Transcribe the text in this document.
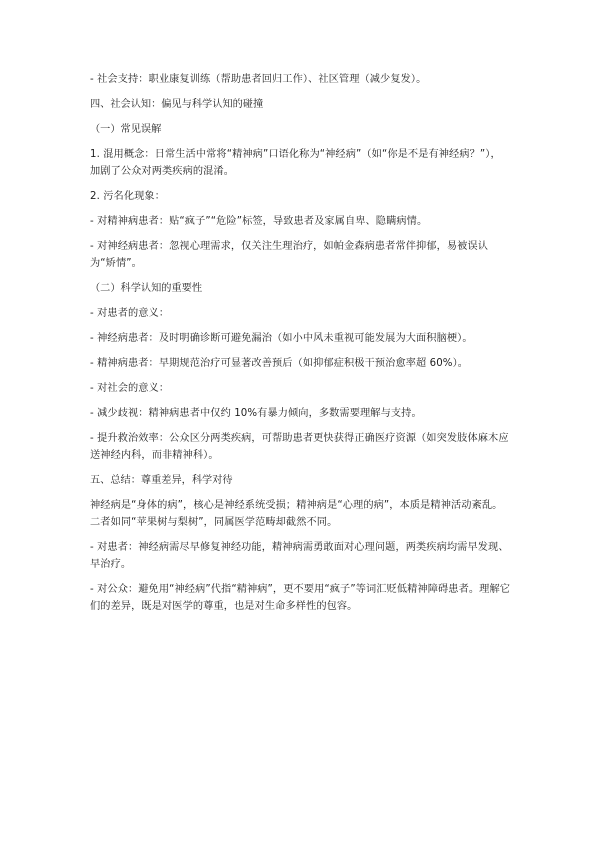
- 社会支持：职业康复训练（帮助患者回归工作）、社区管理（减少复发）。

四、社会认知：偏见与科学认知的碰撞

（一）常见误解

1. 混用概念：日常生活中常将“精神病”口语化称为“神经病”（如“你是不是有神经病？”），加剧了公众对两类疾病的混淆。

2. 污名化现象：

- 对精神病患者：贴“疯子”“危险”标签，导致患者及家属自卑、隐瞒病情。

- 对神经病患者：忽视心理需求，仅关注生理治疗，如帕金森病患者常伴抑郁，易被误认为“矫情”。

（二）科学认知的重要性

- 对患者的意义：

- 神经病患者：及时明确诊断可避免漏治（如小中风未重视可能发展为大面积脑梗）。

- 精神病患者：早期规范治疗可显著改善预后（如抑郁症积极干预治愈率超 60%）。

- 对社会的意义：

- 减少歧视：精神病患者中仅约 10%有暴力倾向，多数需要理解与支持。

- 提升救治效率：公众区分两类疾病，可帮助患者更快获得正确医疗资源（如突发肢体麻木应送神经内科，而非精神科）。

五、总结：尊重差异，科学对待

神经病是“身体的病”，核心是神经系统受损；精神病是“心理的病”，本质是精神活动紊乱。二者如同“苹果树与梨树”，同属医学范畴却截然不同。

- 对患者：神经病需尽早修复神经功能，精神病需勇敢面对心理问题，两类疾病均需早发现、早治疗。

- 对公众：避免用“神经病”代指“精神病”，更不要用“疯子”等词汇贬低精神障碍患者。理解它们的差异，既是对医学的尊重，也是对生命多样性的包容。
